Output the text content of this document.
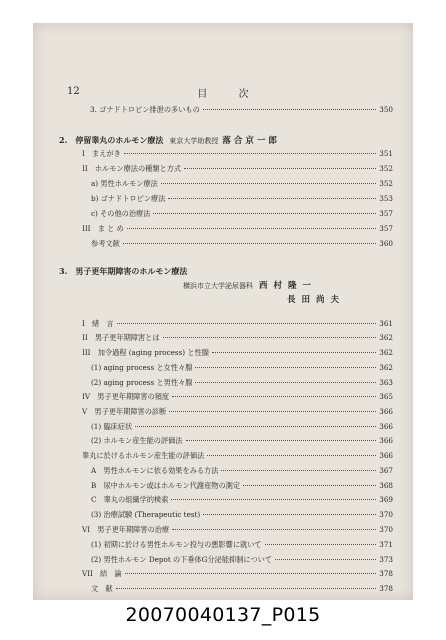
12	目 次
3. ゴナドトロピン排泄の多いもの	350
2.　停留睾丸のホルモン療法 東京大学助教授 落合京一郎
I　まえがき	351
II　ホルモン療法の種類と方式	352
a) 男性ホルモン療法	352
b) ゴナドトロピン療法	353
c) その他の治療法	357
III　ま と め	357
参考文献	360
3.　男子更年期障害のホルモン療法
横浜市立大学泌尿器科 西村隆一
長田尚夫
I　緒　言	361
II　男子更年期障害とは	362
III　加令過程 (aging process) と性腺	362
(1) aging process と女性々腺	362
(2) aging process と男性々腺	363
IV　男子更年期障害の頻度	365
V　男子更年期障害の診断	366
(1) 臨床症状	366
(2) ホルモン産生能の評価法	366
睾丸に於けるホルモン産生能の評価法	366
A　男性ホルモンに依る効果をみる方法	367
B　尿中ホルモン或はホルモン代謝産物の測定	368
C　睾丸の組織学的検索	369
(3) 治療試験 (Therapeutic test)	370
VI　男子更年期障害の治療	370
(1) 初期に於ける男性ホルモン投与の悪影響に就いて	371
(2) 男性ホルモン Depot の下垂体G分泌能抑制について	373
VII　結　論	378
文　献	378
20070040137_P015
